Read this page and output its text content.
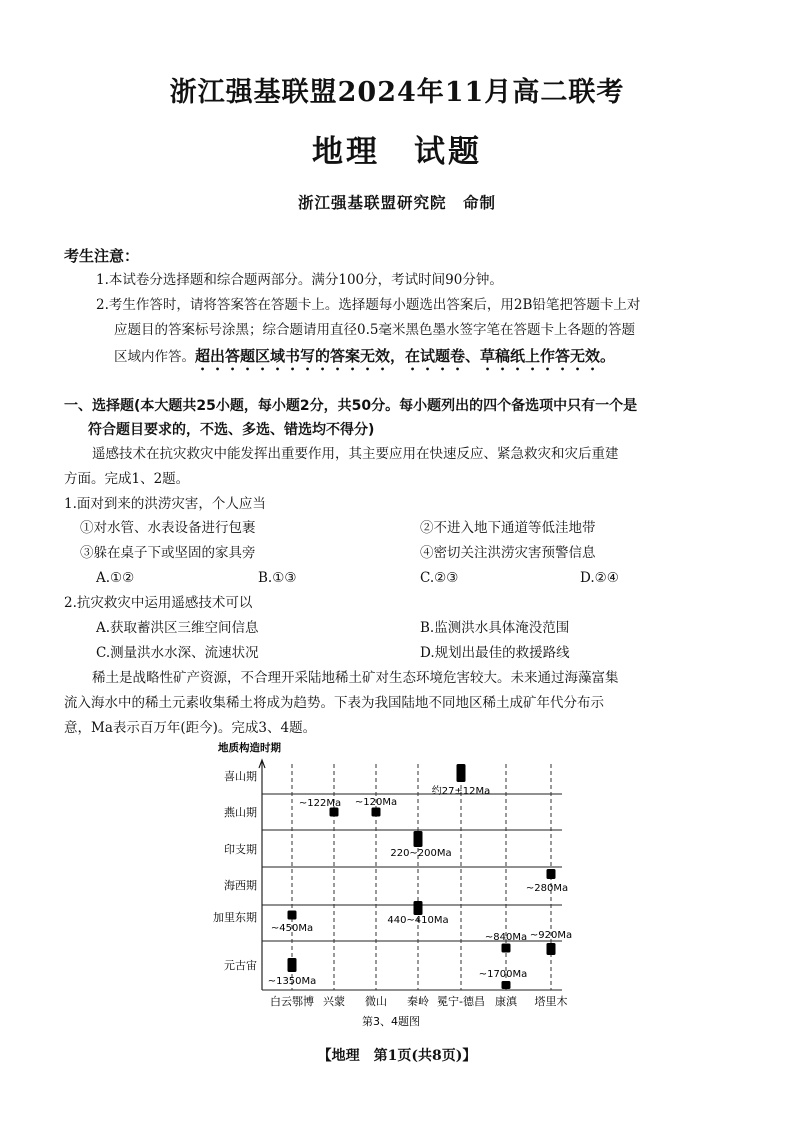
浙江强基联盟2024年11月高二联考
地理　试题
浙江强基联盟研究院　命制
考生注意：
1.本试卷分选择题和综合题两部分。满分100分，考试时间90分钟。
2.考生作答时，请将答案答在答题卡上。选择题每小题选出答案后，用2B铅笔把答题卡上对
应题目的答案标号涂黑；综合题请用直径0.5毫米黑色墨水签字笔在答题卡上各题的答题
区域内作答。超出答题区域书写的答案无效，在试题卷、草稿纸上作答无效。
一、选择题(本大题共25小题，每小题2分，共50分。每小题列出的四个备选项中只有一个是
符合题目要求的，不选、多选、错选均不得分)
遥感技术在抗灾救灾中能发挥出重要作用，其主要应用在快速反应、紧急救灾和灾后重建
方面。完成1、2题。
1.面对到来的洪涝灾害，个人应当
①对水管、水表设备进行包裹	②不进入地下通道等低洼地带
③躲在桌子下或坚固的家具旁	④密切关注洪涝灾害预警信息
A.①②	B.①③	C.②③	D.②④
2.抗灾救灾中运用遥感技术可以
A.获取蓄洪区三维空间信息	B.监测洪水具体淹没范围
C.测量洪水水深、流速状况	D.规划出最佳的救援路线
稀土是战略性矿产资源，不合理开采陆地稀土矿对生态环境危害较大。未来通过海藻富集
流入海水中的稀土元素收集稀土将成为趋势。下表为我国陆地不同地区稀土成矿年代分布示
意，Ma表示百万年(距今)。完成3、4题。
地质构造时期
元古宙
加里东期
海西期
印支期
燕山期
喜山期
白云鄂博 兴蒙 微山 秦岭 冕宁-德昌 康滇 塔里木
~1350Ma
~450Ma
~122Ma ~120Ma
220~200Ma
440~410Ma
约27±12Ma
~840Ma
~1700Ma
~280Ma
~920Ma
第3、4题图
【地理　第1页(共8页)】
